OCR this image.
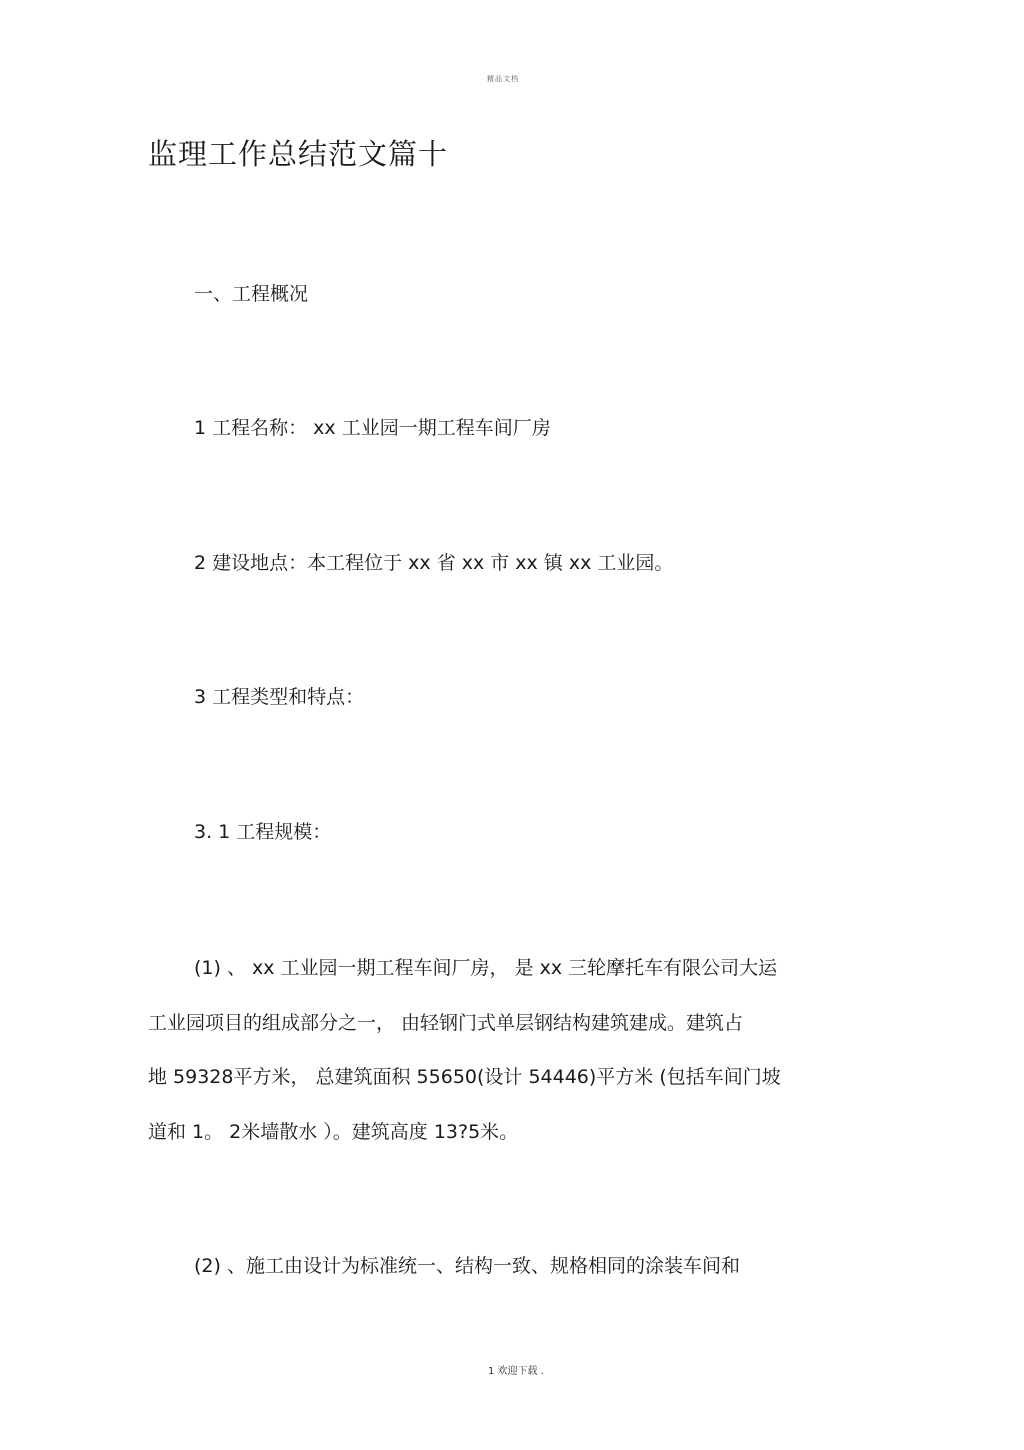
精品文档
监理工作总结范文篇十
一、工程概况
1 工程名称： xx 工业园一期工程车间厂房
2 建设地点：本工程位于 xx 省 xx 市 xx 镇 xx 工业园。
3 工程类型和特点：
3. 1 工程规模：
(1) 、 xx 工业园一期工程车间厂房， 是 xx 三轮摩托车有限公司大运
工业园项目的组成部分之一， 由轻钢门式单层钢结构建筑建成。建筑占
地 59328平方米， 总建筑面积 55650(设计 54446)平方米 (包括车间门坡
道和 1。 2米墙散水 ）。建筑高度 13?5米。
(2) 、施工由设计为标准统一、结构一致、规格相同的涂装车间和
1 欢迎下载 .
